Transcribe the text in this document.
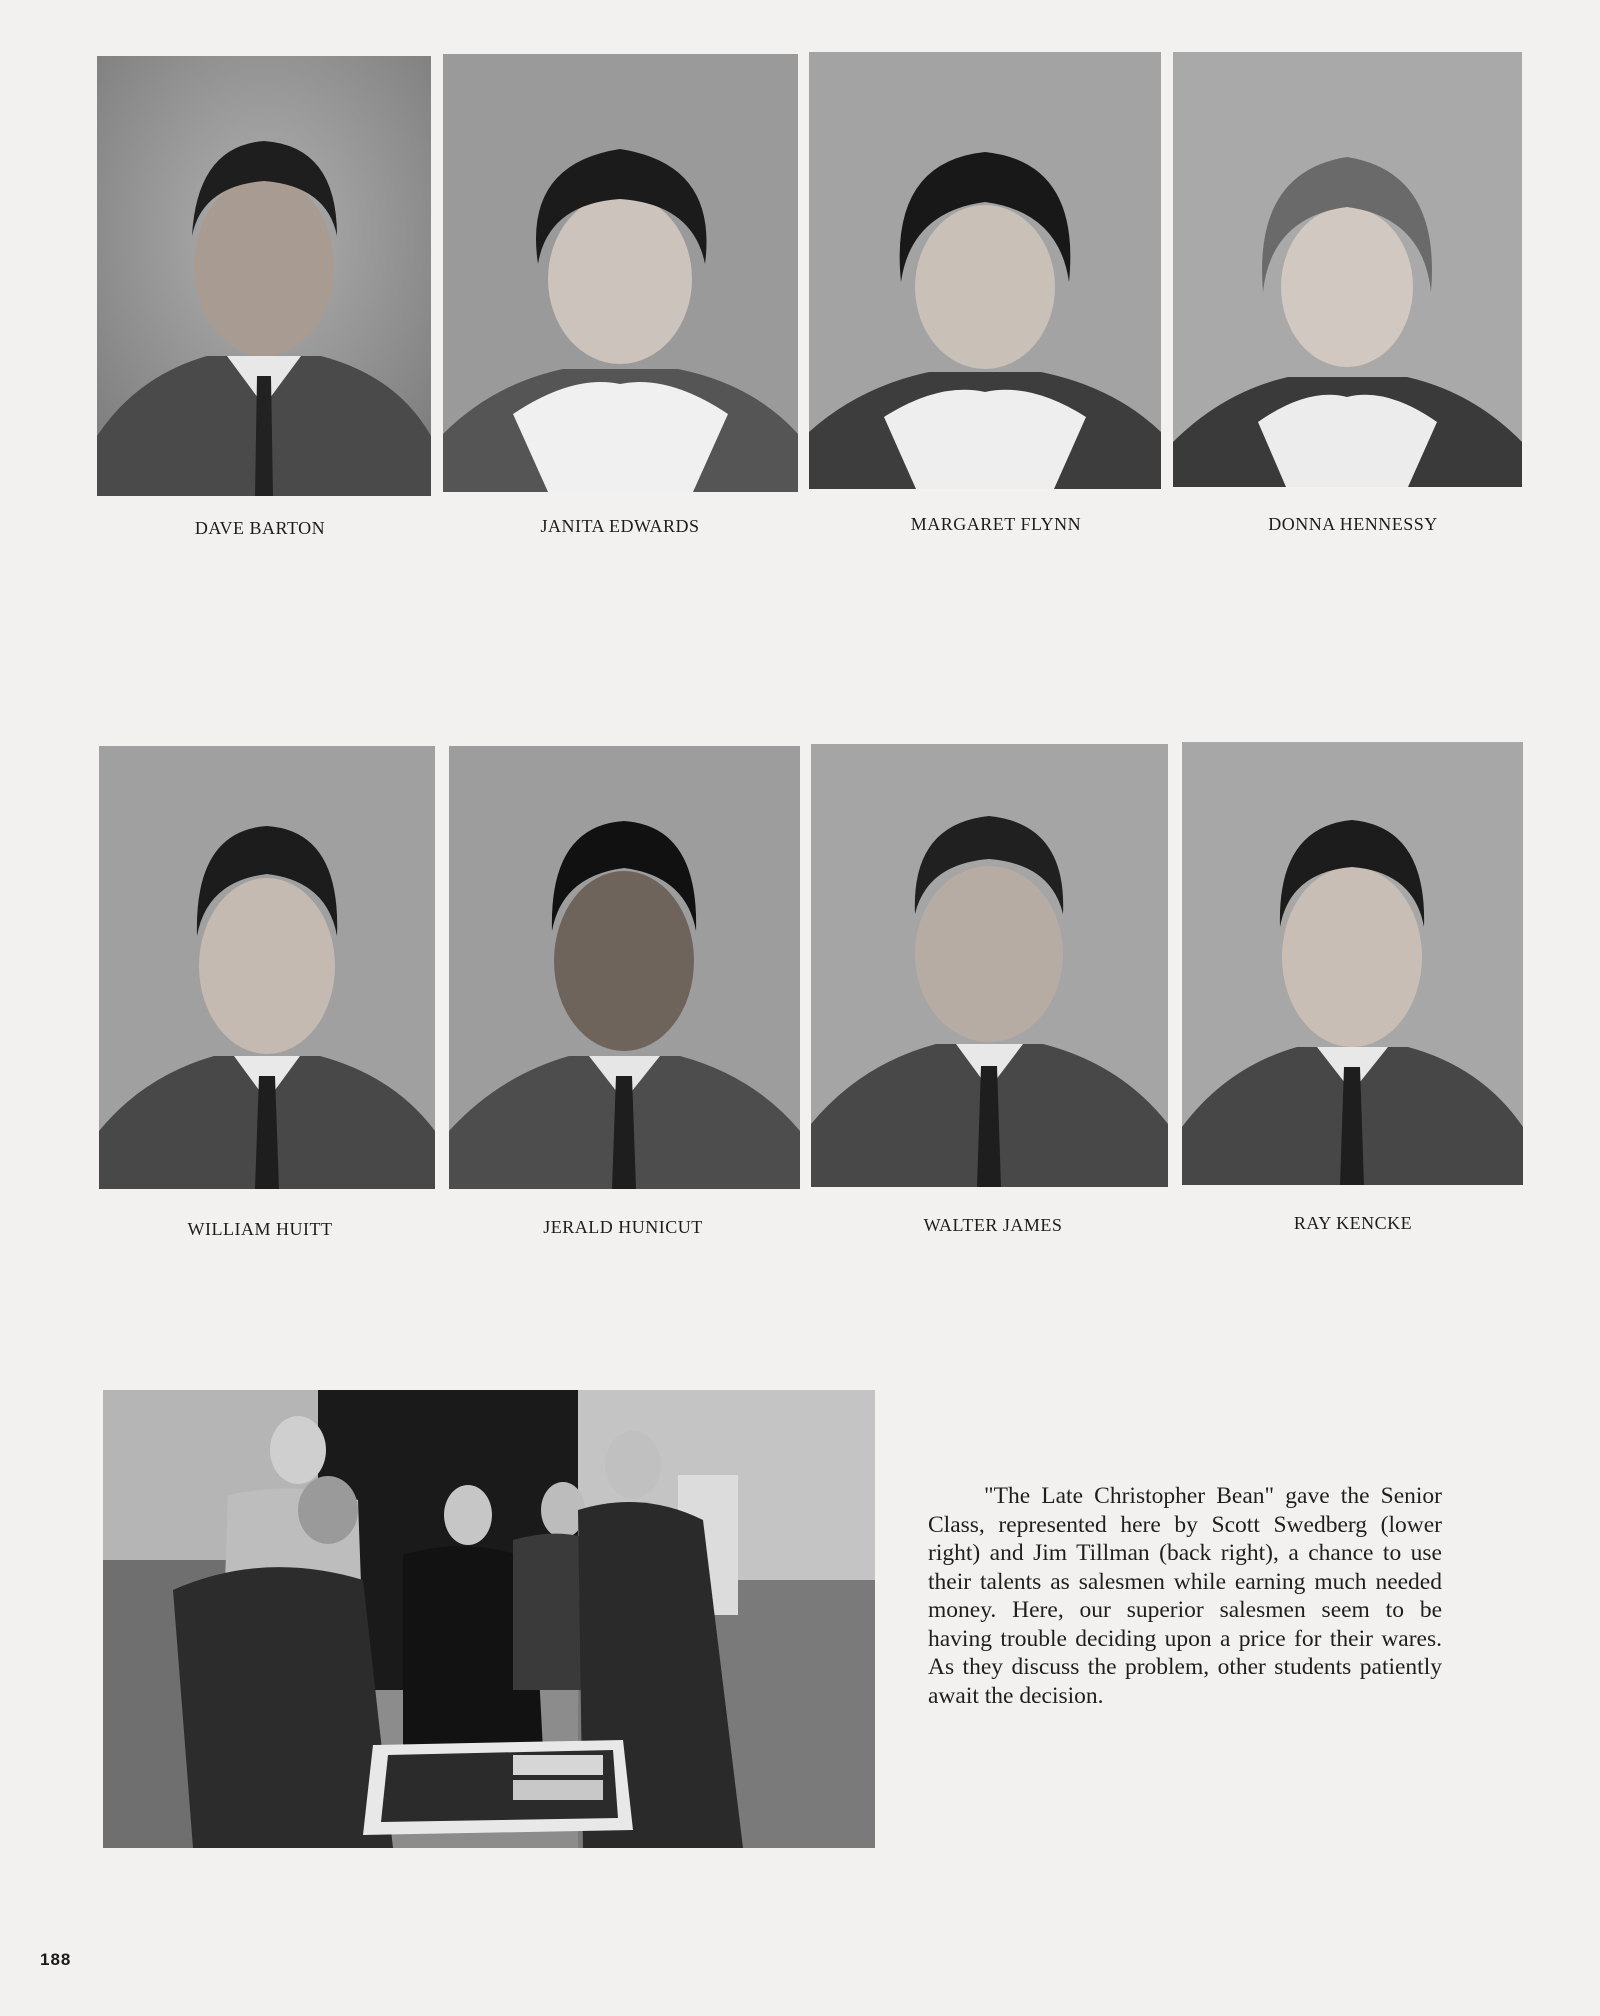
DAVE BARTON	JANITA EDWARDS	MARGARET FLYNN	DONNA HENNESSY
WILLIAM HUITT	JERALD HUNICUT	WALTER JAMES	RAY KENCKE

"The Late Christopher Bean" gave the Senior Class, represented here by Scott Swedberg (lower right) and Jim Tillman (back right), a chance to use their talents as salesmen while earning much needed money. Here, our superior salesmen seem to be having trouble deciding upon a price for their wares. As they discuss the problem, other students patiently await the decision.

188
